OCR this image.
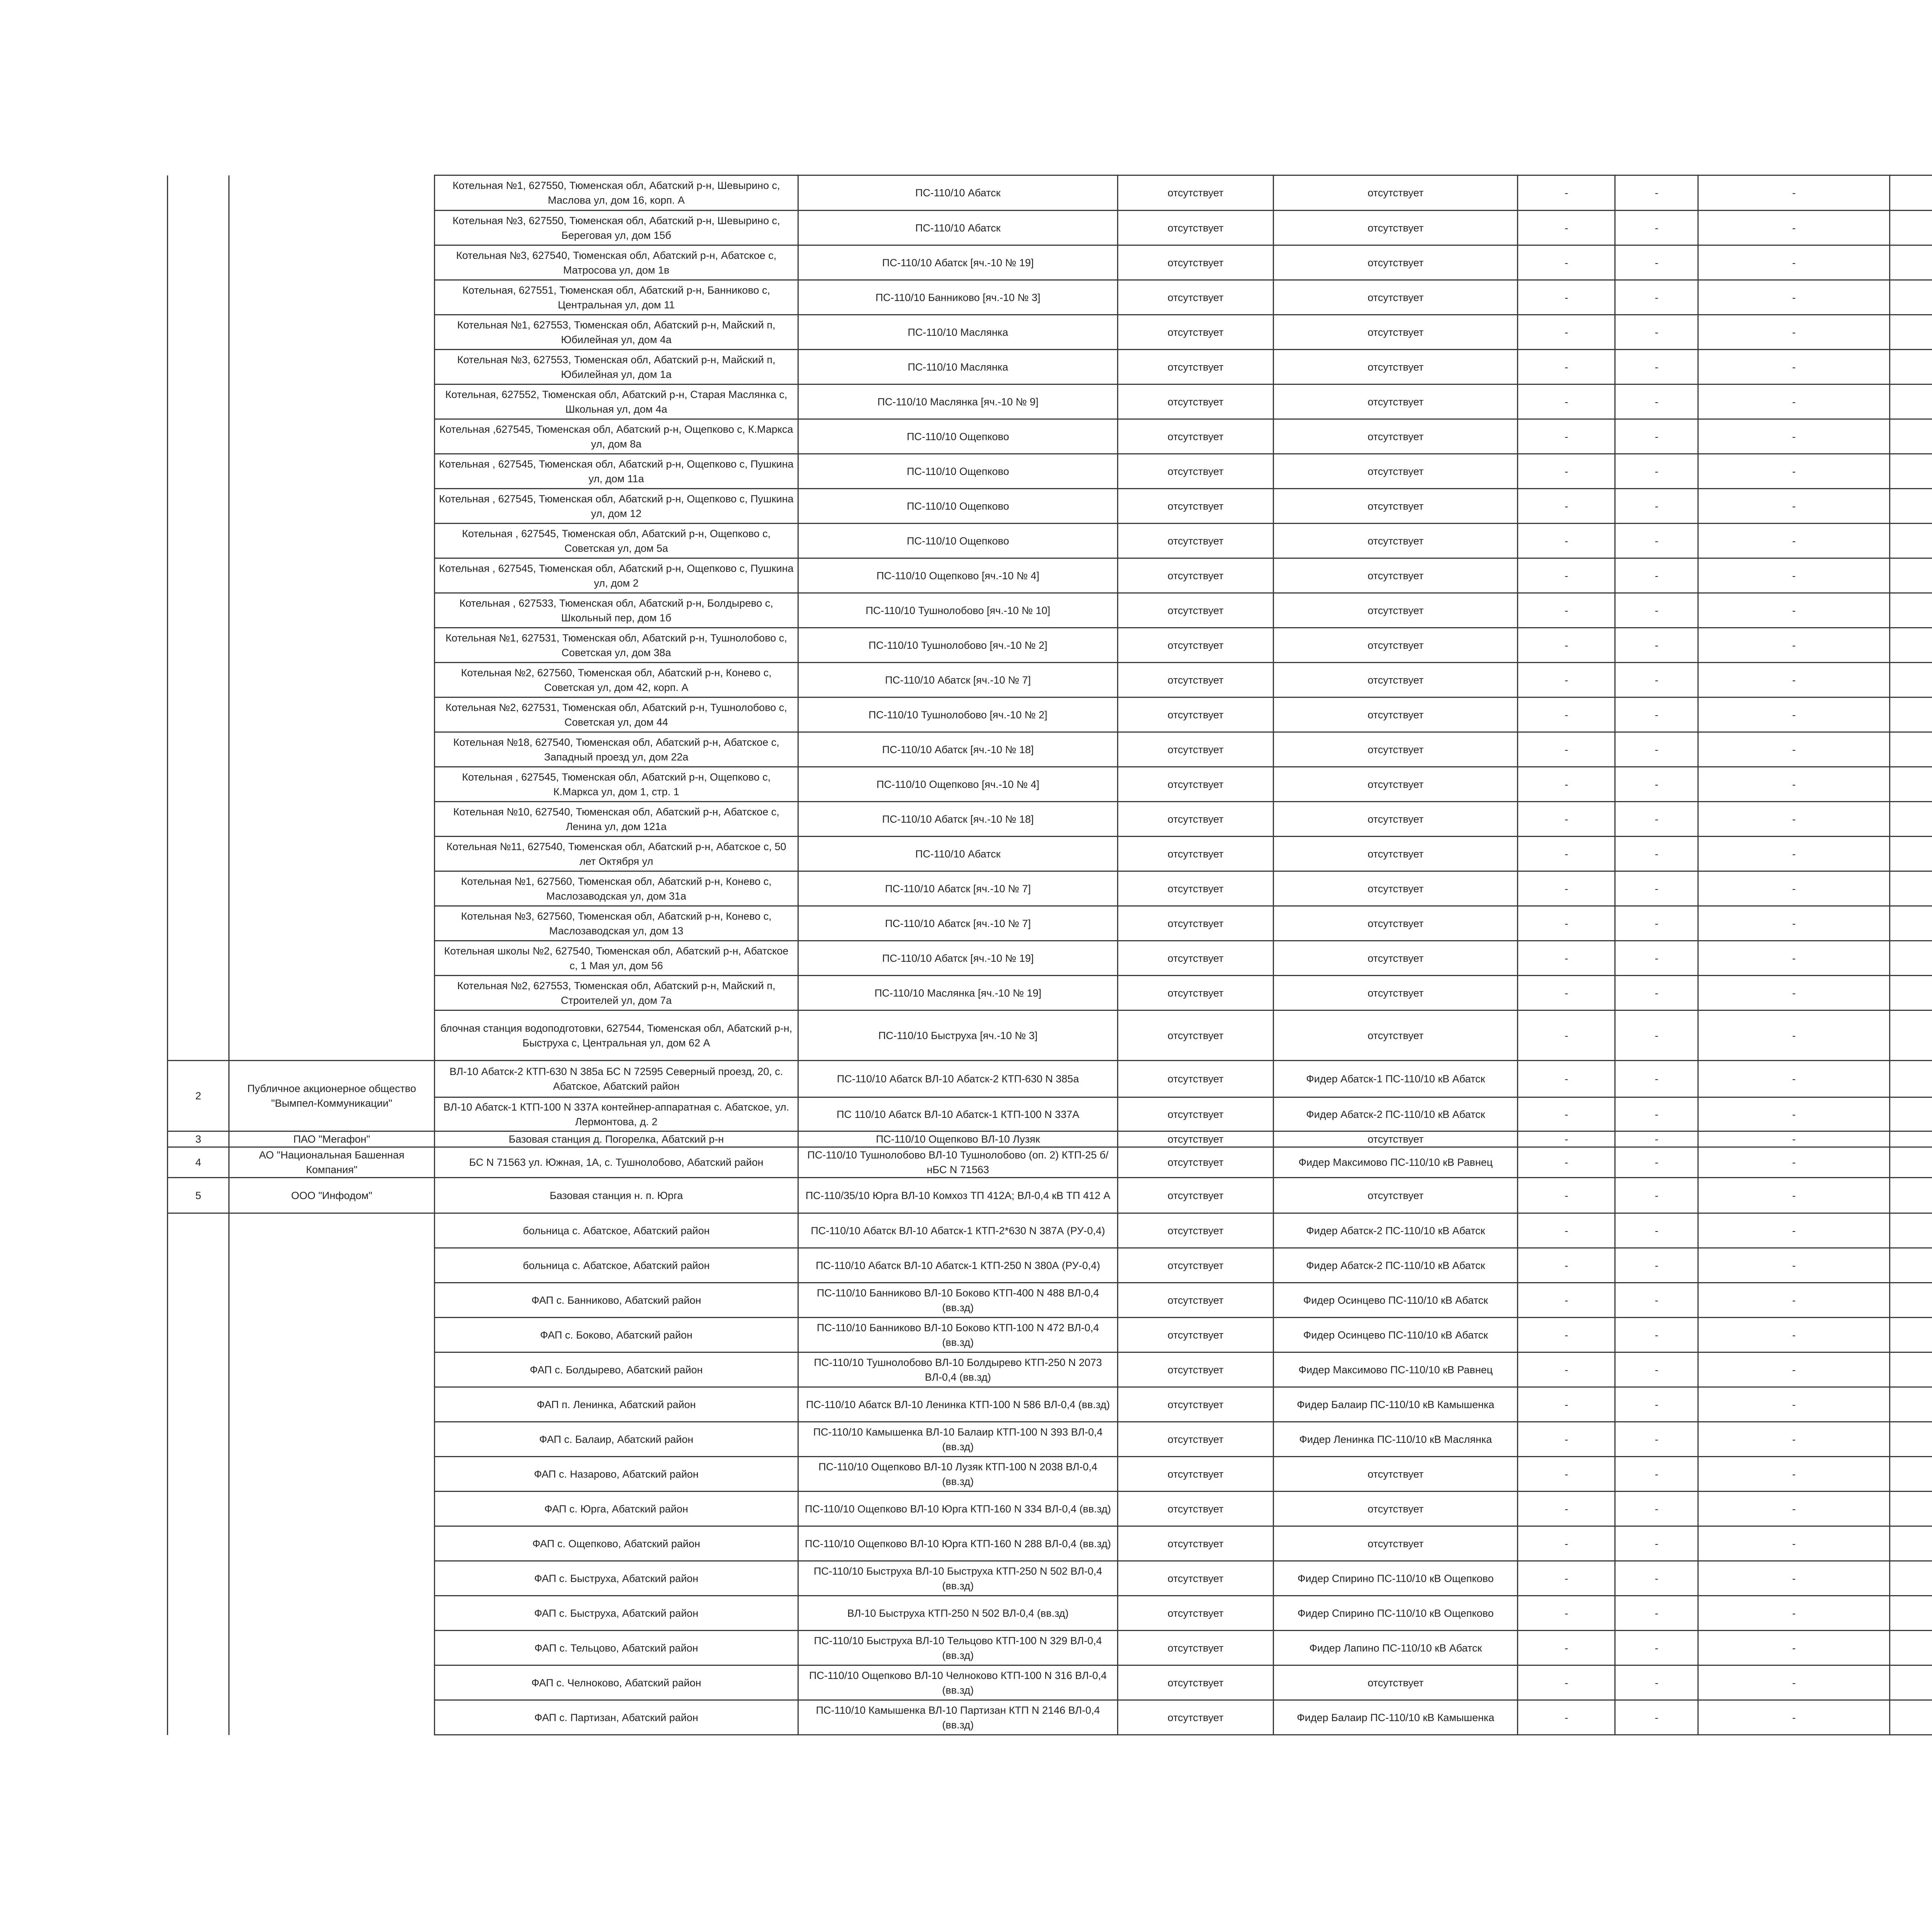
		Котельная №1, 627550, Тюменская обл, Абатский р-н, Шевырино с, Маслова ул, дом 16, корп. А	ПС-110/10 Абатск	отсутствует	отсутствует	-	-	-		
		Котельная №3, 627550, Тюменская обл, Абатский р-н, Шевырино с, Береговая ул, дом 15б	ПС-110/10 Абатск	отсутствует	отсутствует	-	-	-		
		Котельная №3, 627540, Тюменская обл, Абатский р-н, Абатское с, Матросова ул, дом 1в	ПС-110/10 Абатск [яч.-10 № 19]	отсутствует	отсутствует	-	-	-		
		Котельная, 627551, Тюменская обл, Абатский р-н, Банниково с, Центральная ул, дом 11	ПС-110/10 Банниково [яч.-10 № 3]	отсутствует	отсутствует	-	-	-		
		Котельная №1, 627553, Тюменская обл, Абатский р-н, Майский п, Юбилейная ул, дом 4а	ПС-110/10 Маслянка	отсутствует	отсутствует	-	-	-		
		Котельная №3, 627553, Тюменская обл, Абатский р-н, Майский п, Юбилейная ул, дом 1а	ПС-110/10 Маслянка	отсутствует	отсутствует	-	-	-		
		Котельная, 627552, Тюменская обл, Абатский р-н, Старая Маслянка с, Школьная ул, дом 4а	ПС-110/10 Маслянка [яч.-10 № 9]	отсутствует	отсутствует	-	-	-		
		Котельная ,627545, Тюменская обл, Абатский р-н, Ощепково с, К.Маркса ул, дом 8а	ПС-110/10 Ощепково	отсутствует	отсутствует	-	-	-		
		Котельная , 627545, Тюменская обл, Абатский р-н, Ощепково с, Пушкина ул, дом 11а	ПС-110/10 Ощепково	отсутствует	отсутствует	-	-	-		
		Котельная , 627545, Тюменская обл, Абатский р-н, Ощепково с, Пушкина ул, дом 12	ПС-110/10 Ощепково	отсутствует	отсутствует	-	-	-		
		Котельная , 627545, Тюменская обл, Абатский р-н, Ощепково с, Советская ул, дом 5а	ПС-110/10 Ощепково	отсутствует	отсутствует	-	-	-		
		Котельная , 627545, Тюменская обл, Абатский р-н, Ощепково с, Пушкина ул, дом 2	ПС-110/10 Ощепково [яч.-10 № 4]	отсутствует	отсутствует	-	-	-		
		Котельная , 627533, Тюменская обл, Абатский р-н, Болдырево с, Школьный пер, дом 1б	ПС-110/10 Тушнолобово [яч.-10 № 10]	отсутствует	отсутствует	-	-	-		
		Котельная №1, 627531, Тюменская обл, Абатский р-н, Тушнолобово с, Советская ул, дом 38а	ПС-110/10 Тушнолобово [яч.-10 № 2]	отсутствует	отсутствует	-	-	-		
		Котельная №2, 627560, Тюменская обл, Абатский р-н, Конево с, Советская ул, дом 42, корп. А	ПС-110/10 Абатск [яч.-10 № 7]	отсутствует	отсутствует	-	-	-		
		Котельная №2, 627531, Тюменская обл, Абатский р-н, Тушнолобово с, Советская ул, дом 44	ПС-110/10 Тушнолобово [яч.-10 № 2]	отсутствует	отсутствует	-	-	-		
		Котельная №18, 627540, Тюменская обл, Абатский р-н, Абатское с, Западный проезд ул, дом 22а	ПС-110/10 Абатск [яч.-10 № 18]	отсутствует	отсутствует	-	-	-		
		Котельная , 627545, Тюменская обл, Абатский р-н, Ощепково с, К.Маркса ул, дом 1, стр. 1	ПС-110/10 Ощепково [яч.-10 № 4]	отсутствует	отсутствует	-	-	-		
		Котельная №10, 627540, Тюменская обл, Абатский р-н, Абатское с, Ленина ул, дом 121а	ПС-110/10 Абатск [яч.-10 № 18]	отсутствует	отсутствует	-	-	-		
		Котельная №11, 627540, Тюменская обл, Абатский р-н, Абатское с, 50 лет Октября ул	ПС-110/10 Абатск	отсутствует	отсутствует	-	-	-		
		Котельная №1, 627560, Тюменская обл, Абатский р-н, Конево с, Маслозаводская ул, дом 31а	ПС-110/10 Абатск [яч.-10 № 7]	отсутствует	отсутствует	-	-	-		
		Котельная №3, 627560, Тюменская обл, Абатский р-н, Конево с, Маслозаводская ул, дом 13	ПС-110/10 Абатск [яч.-10 № 7]	отсутствует	отсутствует	-	-	-		
		Котельная школы №2, 627540, Тюменская обл, Абатский р-н, Абатское с, 1 Мая ул, дом 56	ПС-110/10 Абатск [яч.-10 № 19]	отсутствует	отсутствует	-	-	-		
		Котельная №2, 627553, Тюменская обл, Абатский р-н, Майский п, Строителей ул, дом 7а	ПС-110/10 Маслянка [яч.-10 № 19]	отсутствует	отсутствует	-	-	-		
		блочная станция водоподготовки, 627544, Тюменская обл, Абатский р-н, Быструха с, Центральная ул, дом 62 А	ПС-110/10 Быструха [яч.-10 № 3]	отсутствует	отсутствует	-	-	-		
2	Публичное акционерное общество "Вымпел-Коммуникации"	ВЛ-10 Абатск-2 КТП-630 N 385а БС N 72595 Северный проезд, 20, с. Абатское, Абатский район	ПС-110/10 Абатск ВЛ-10 Абатск-2 КТП-630 N 385а	отсутствует	Фидер Абатск-1 ПС-110/10 кВ Абатск	-	-	-		
		ВЛ-10 Абатск-1 КТП-100 N 337А контейнер-аппаратная с. Абатское, ул. Лермонтова, д. 2	ПС 110/10 Абатск ВЛ-10 Абатск-1 КТП-100 N 337А	отсутствует	Фидер Абатск-2 ПС-110/10 кВ Абатск	-	-	-		
3	ПАО "Мегафон"	Базовая станция д. Погорелка, Абатский р-н	ПС-110/10 Ощепково ВЛ-10 Лузяк	отсутствует	отсутствует	-	-	-		
4	АО "Национальная Башенная Компания"	БС N 71563 ул. Южная, 1А, с. Тушнолобово, Абатский район	ПС-110/10 Тушнолобово ВЛ-10 Тушнолобово (оп. 2) КТП-25 б/нБС N 71563	отсутствует	Фидер Максимово ПС-110/10 кВ Равнец	-	-	-		
5	ООО "Инфодом"	Базовая станция н. п. Юрга	ПС-110/35/10 Юрга ВЛ-10 Комхоз ТП 412А; ВЛ-0,4 кВ ТП 412 А	отсутствует	отсутствует	-	-	-		
		больница с. Абатское, Абатский район	ПС-110/10 Абатск ВЛ-10 Абатск-1 КТП-2*630 N 387А (РУ-0,4)	отсутствует	Фидер Абатск-2 ПС-110/10 кВ Абатск	-	-	-		
		больница с. Абатское, Абатский район	ПС-110/10 Абатск ВЛ-10 Абатск-1 КТП-250 N 380А (РУ-0,4)	отсутствует	Фидер Абатск-2 ПС-110/10 кВ Абатск	-	-	-		
		ФАП с. Банниково, Абатский район	ПС-110/10 Банниково ВЛ-10 Боково КТП-400 N 488 ВЛ-0,4 (вв.зд)	отсутствует	Фидер Осинцево ПС-110/10 кВ Абатск	-	-	-		
		ФАП с. Боково, Абатский район	ПС-110/10 Банниково ВЛ-10 Боково КТП-100 N 472 ВЛ-0,4 (вв.зд)	отсутствует	Фидер Осинцево ПС-110/10 кВ Абатск	-	-	-		
		ФАП с. Болдырево, Абатский район	ПС-110/10 Тушнолобово ВЛ-10 Болдырево КТП-250 N 2073 ВЛ-0,4 (вв.зд)	отсутствует	Фидер Максимово ПС-110/10 кВ Равнец	-	-	-		
		ФАП п. Ленинка, Абатский район	ПС-110/10 Абатск ВЛ-10 Ленинка КТП-100 N 586 ВЛ-0,4 (вв.зд)	отсутствует	Фидер Балаир ПС-110/10 кВ Камышенка	-	-	-		
		ФАП с. Балаир, Абатский район	ПС-110/10 Камышенка ВЛ-10 Балаир КТП-100 N 393 ВЛ-0,4 (вв.зд)	отсутствует	Фидер Ленинка ПС-110/10 кВ Маслянка	-	-	-		
		ФАП с. Назарово, Абатский район	ПС-110/10 Ощепково ВЛ-10 Лузяк КТП-100 N 2038 ВЛ-0,4 (вв.зд)	отсутствует	отсутствует	-	-	-		
		ФАП с. Юрга, Абатский район	ПС-110/10 Ощепково ВЛ-10 Юрга КТП-160 N 334 ВЛ-0,4 (вв.зд)	отсутствует	отсутствует	-	-	-		
		ФАП с. Ощепково, Абатский район	ПС-110/10 Ощепково ВЛ-10 Юрга КТП-160 N 288 ВЛ-0,4 (вв.зд)	отсутствует	отсутствует	-	-	-		
		ФАП с. Быструха, Абатский район	ПС-110/10 Быструха ВЛ-10 Быструха КТП-250 N 502 ВЛ-0,4 (вв.зд)	отсутствует	Фидер Спирино ПС-110/10 кВ Ощепково	-	-	-		
		ФАП с. Быструха, Абатский район	ВЛ-10 Быструха КТП-250 N 502 ВЛ-0,4 (вв.зд)	отсутствует	Фидер Спирино ПС-110/10 кВ Ощепково	-	-	-		
		ФАП с. Тельцово, Абатский район	ПС-110/10 Быструха ВЛ-10 Тельцово КТП-100 N 329 ВЛ-0,4 (вв.зд)	отсутствует	Фидер Лапино ПС-110/10 кВ Абатск	-	-	-		
		ФАП с. Челноково, Абатский район	ПС-110/10 Ощепково ВЛ-10 Челноково КТП-100 N 316 ВЛ-0,4 (вв.зд)	отсутствует	отсутствует	-	-	-		
		ФАП с. Партизан, Абатский район	ПС-110/10 Камышенка ВЛ-10 Партизан КТП N 2146 ВЛ-0,4 (вв.зд)	отсутствует	Фидер Балаир ПС-110/10 кВ Камышенка	-	-	-		
